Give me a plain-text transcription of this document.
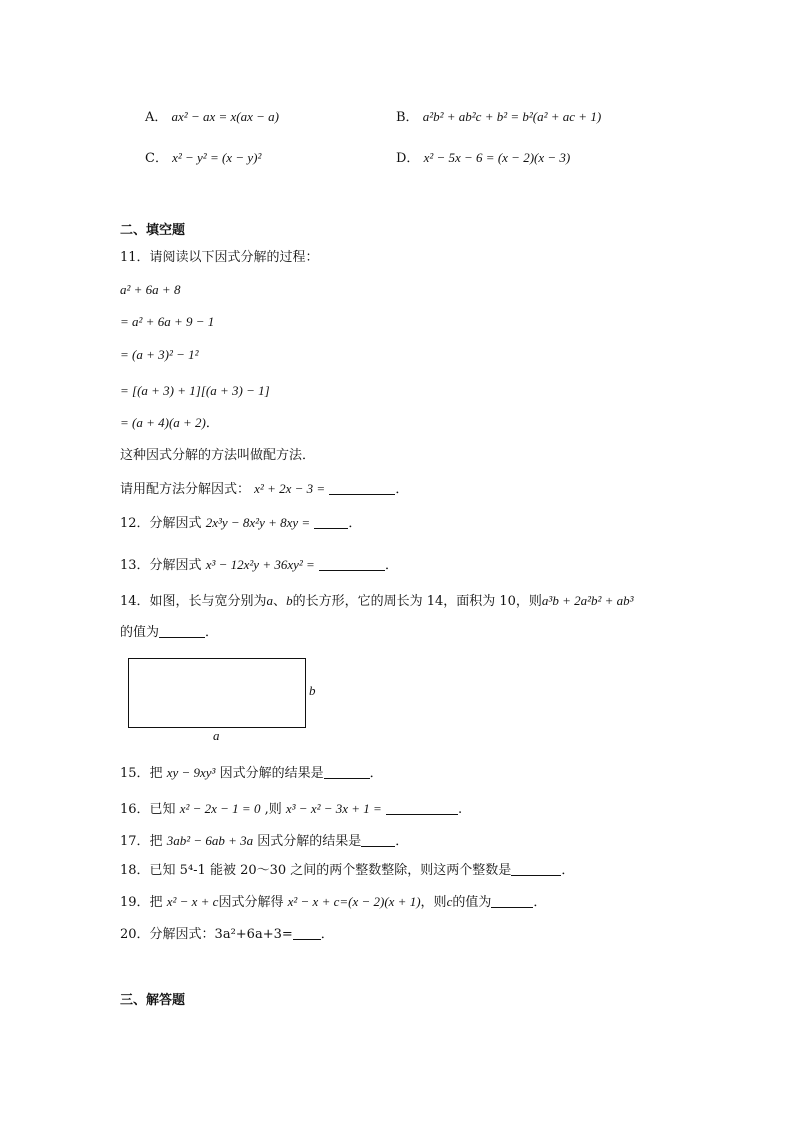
A． ax² − ax = x(ax − a)	B． a²b² + ab²c + b² = b²(a² + ac + 1)
C． x² − y² = (x − y)²	D． x² − 5x − 6 = (x − 2)(x − 3)
二、填空题
11．请阅读以下因式分解的过程：
a² + 6a + 8
= a² + 6a + 9 − 1
= (a + 3)² − 1²
= [(a + 3) + 1][(a + 3) − 1]
= (a + 4)(a + 2)．
这种因式分解的方法叫做配方法．
请用配方法分解因式： x² + 2x − 3 =	．
12．分解因式 2x³y − 8x²y + 8xy =	．
13．分解因式 x³ − 12x²y + 36xy² =	．
14．如图，长与宽分别为a、b的长方形，它的周长为 14，面积为 10，则a³b + 2a²b² + ab³
的值为	．
b
a
15．把 xy − 9xy³ 因式分解的结果是	．
16．已知 x² − 2x − 1 = 0 ,则 x³ − x² − 3x + 1 =	.
17．把 3ab² − 6ab + 3a 因式分解的结果是	．
18．已知 5⁴-1 能被 20～30 之间的两个整数整除，则这两个整数是	．
19．把 x² − x + c因式分解得 x² − x + c=(x − 2)(x + 1)，则c的值为	．
20．分解因式：3a²+6a+3= ．
三、解答题
